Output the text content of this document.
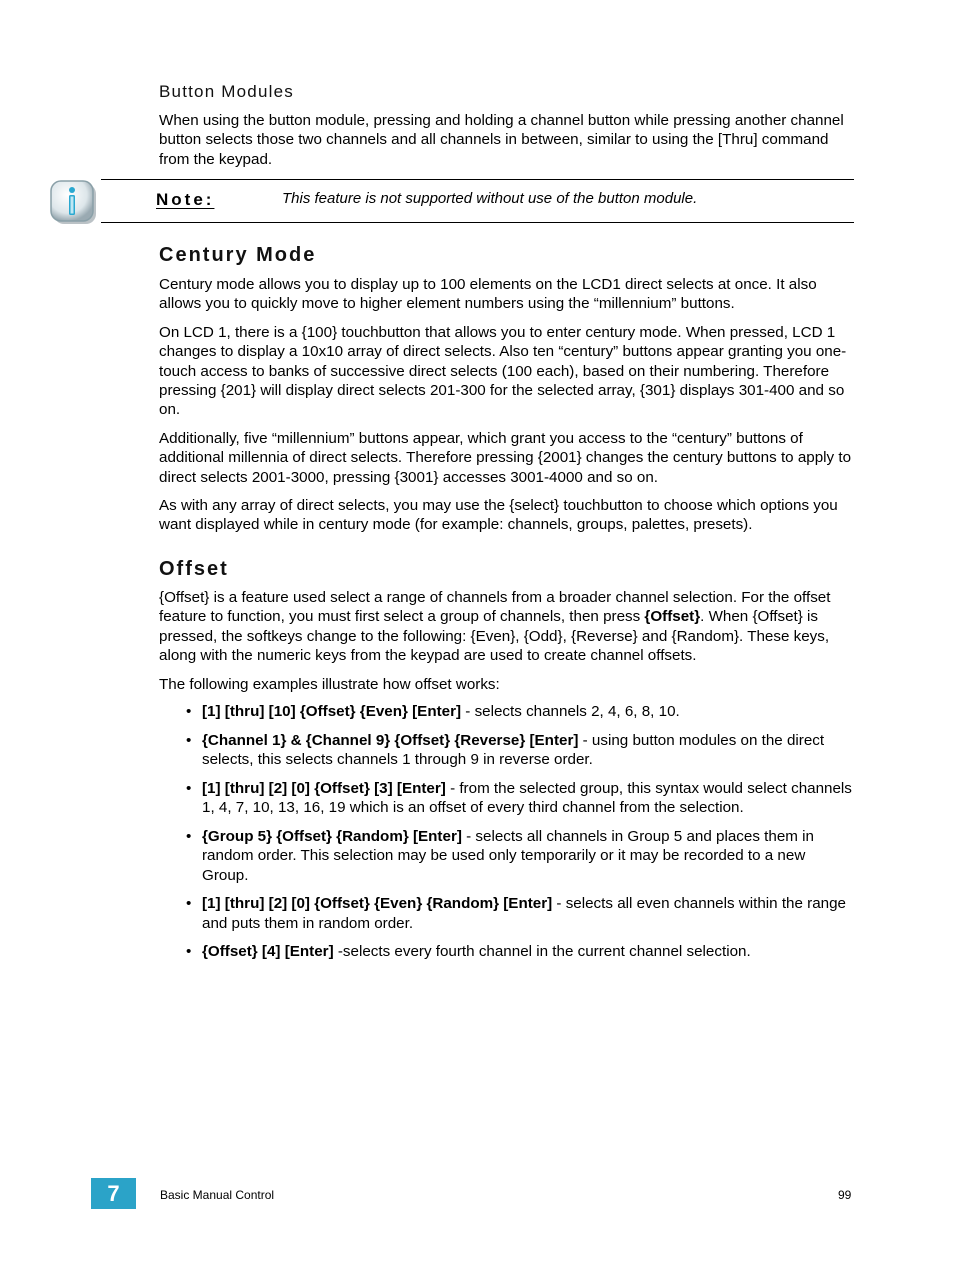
Button Modules
When using the button module, pressing and holding a channel button while pressing another channel button selects those two channels and all channels in between, similar to using the [Thru] command from the keypad.
Note:	This feature is not supported without use of the button module.
Century Mode
Century mode allows you to display up to 100 elements on the LCD1 direct selects at once. It also allows you to quickly move to higher element numbers using the “millennium” buttons.
On LCD 1, there is a {100} touchbutton that allows you to enter century mode. When pressed, LCD 1 changes to display a 10x10 array of direct selects. Also ten “century” buttons appear granting you one-touch access to banks of successive direct selects (100 each), based on their numbering. Therefore pressing {201} will display direct selects 201-300 for the selected array, {301} displays 301-400 and so on.
Additionally, five “millennium” buttons appear, which grant you access to the “century” buttons of additional millennia of direct selects. Therefore pressing {2001} changes the century buttons to apply to direct selects 2001-3000, pressing {3001} accesses 3001-4000 and so on.
As with any array of direct selects, you may use the {select} touchbutton to choose which options you want displayed while in century mode (for example: channels, groups, palettes, presets).
Offset
{Offset} is a feature used select a range of channels from a broader channel selection. For the offset feature to function, you must first select a group of channels, then press {Offset}. When {Offset} is pressed, the softkeys change to the following: {Even}, {Odd}, {Reverse} and {Random}. These keys, along with the numeric keys from the keypad are used to create channel offsets.
The following examples illustrate how offset works:
• [1] [thru] [10] {Offset} {Even} [Enter] - selects channels 2, 4, 6, 8, 10.
• {Channel 1} & {Channel 9} {Offset} {Reverse} [Enter] - using button modules on the direct selects, this selects channels 1 through 9 in reverse order.
• [1] [thru] [2] [0] {Offset} [3] [Enter] - from the selected group, this syntax would select channels 1, 4, 7, 10, 13, 16, 19 which is an offset of every third channel from the selection.
• {Group 5} {Offset} {Random} [Enter] - selects all channels in Group 5 and places them in random order. This selection may be used only temporarily or it may be recorded to a new Group.
• [1] [thru] [2] [0] {Offset} {Even} {Random} [Enter] - selects all even channels within the range and puts them in random order.
• {Offset} [4] [Enter] -selects every fourth channel in the current channel selection.
7	Basic Manual Control	99
